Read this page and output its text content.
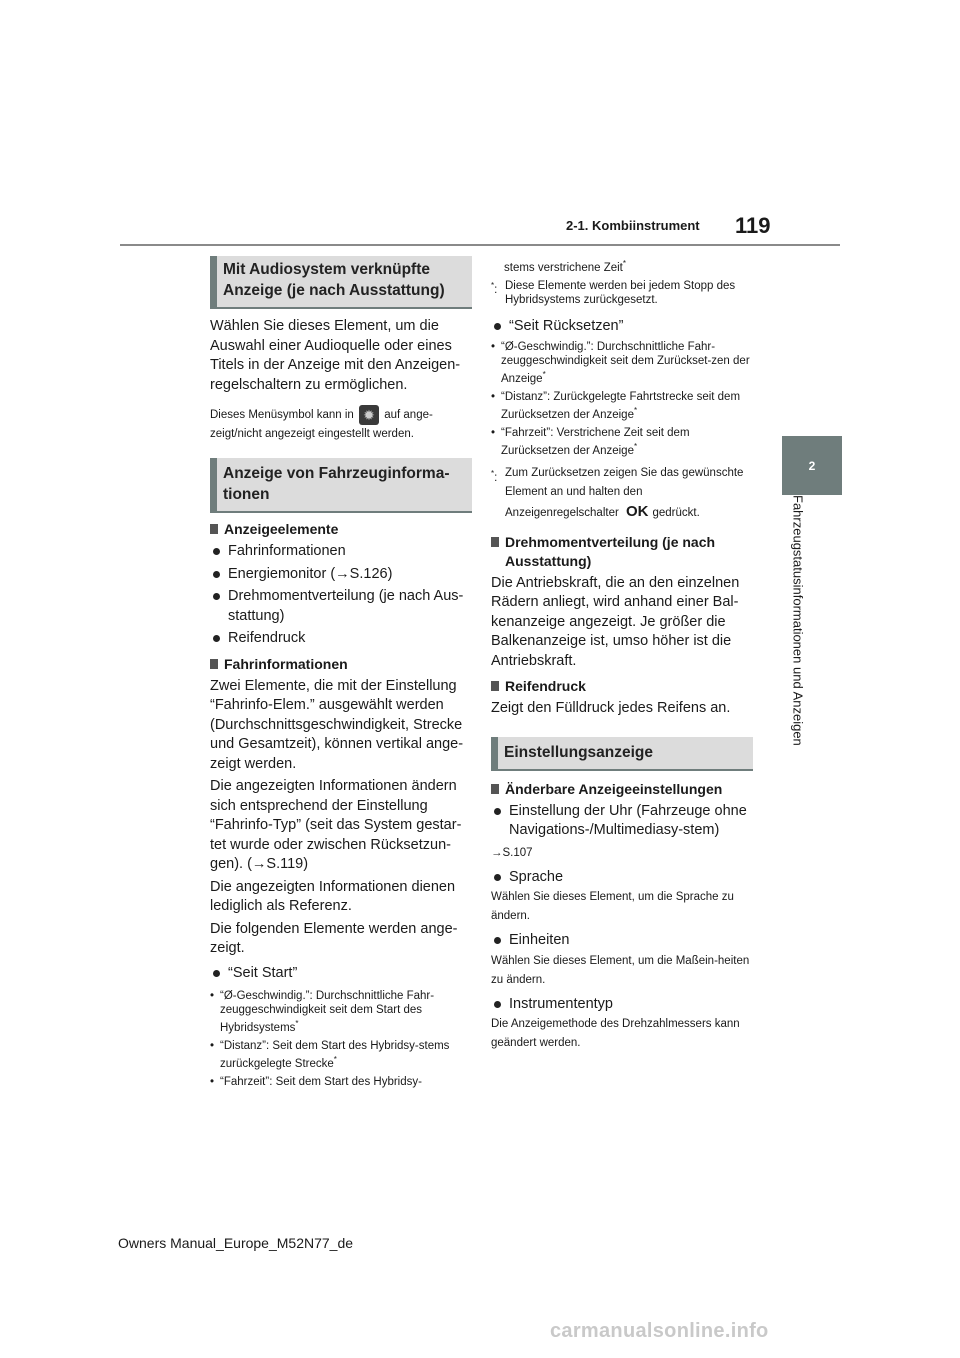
2-1. Kombiinstrument 119
2
Fahrzeugstatusinformationen und Anzeigen
Mit Audiosystem verknüpfte Anzeige (je nach Ausstattung)

Wählen Sie dieses Element, um die Auswahl einer Audioquelle oder eines Titels in der Anzeige mit den Anzeigen-regelschaltern zu ermöglichen.

Dieses Menüsymbol kann in ✹ auf ange-zeigt/nicht angezeigt eingestellt werden.

Anzeige von Fahrzeuginforma-tionen

Anzeigeelemente

Fahrinformationen

Energiemonitor (→S.126)

Drehmomentverteilung (je nach Aus-stattung)

Reifendruck

Fahrinformationen

Zwei Elemente, die mit der Einstellung “Fahrinfo-Elem.” ausgewählt werden (Durchschnittsgeschwindigkeit, Strecke und Gesamtzeit), können vertikal ange-zeigt werden.

Die angezeigten Informationen ändern sich entsprechend der Einstellung “Fahrinfo-Typ” (seit das System gestar-tet wurde oder zwischen Rücksetzun-gen). (→S.119)

Die angezeigten Informationen dienen lediglich als Referenz.

Die folgenden Elemente werden ange-zeigt.

“Seit Start”

• “Ø-Geschwindig.”: Durchschnittliche Fahr-zeuggeschwindigkeit seit dem Start des Hybridsystems*

• “Distanz”: Seit dem Start des Hybridsy-stems zurückgelegte Strecke*

• “Fahrzeit”: Seit dem Start des Hybridsy-

stems verstrichene Zeit*

*: Diese Elemente werden bei jedem Stopp des Hybridsystems zurückgesetzt.

“Seit Rücksetzen”

• “Ø-Geschwindig.”: Durchschnittliche Fahr-zeuggeschwindigkeit seit dem Zurückset-zen der Anzeige*

• “Distanz”: Zurückgelegte Fahrtstrecke seit dem Zurücksetzen der Anzeige*

• “Fahrzeit”: Verstrichene Zeit seit dem Zurücksetzen der Anzeige*

*: Zum Zurücksetzen zeigen Sie das gewünschte Element an und halten den Anzeigenregelschalter OK gedrückt.

Drehmomentverteilung (je nach Ausstattung)

Die Antriebskraft, die an den einzelnen Rädern anliegt, wird anhand einer Bal-kenanzeige angezeigt. Je größer die Balkenanzeige ist, umso höher ist die Antriebskraft.

Reifendruck

Zeigt den Fülldruck jedes Reifens an.

Einstellungsanzeige

Änderbare Anzeigeeinstellungen

Einstellung der Uhr (Fahrzeuge ohne Navigations-/Multimediasy-stem)

→S.107

Sprache

Wählen Sie dieses Element, um die Sprache zu ändern.

Einheiten

Wählen Sie dieses Element, um die Maßein-heiten zu ändern.

Instrumententyp

Die Anzeigemethode des Drehzahlmessers kann geändert werden.

Owners Manual_Europe_M52N77_de
carmanualsonline.info
